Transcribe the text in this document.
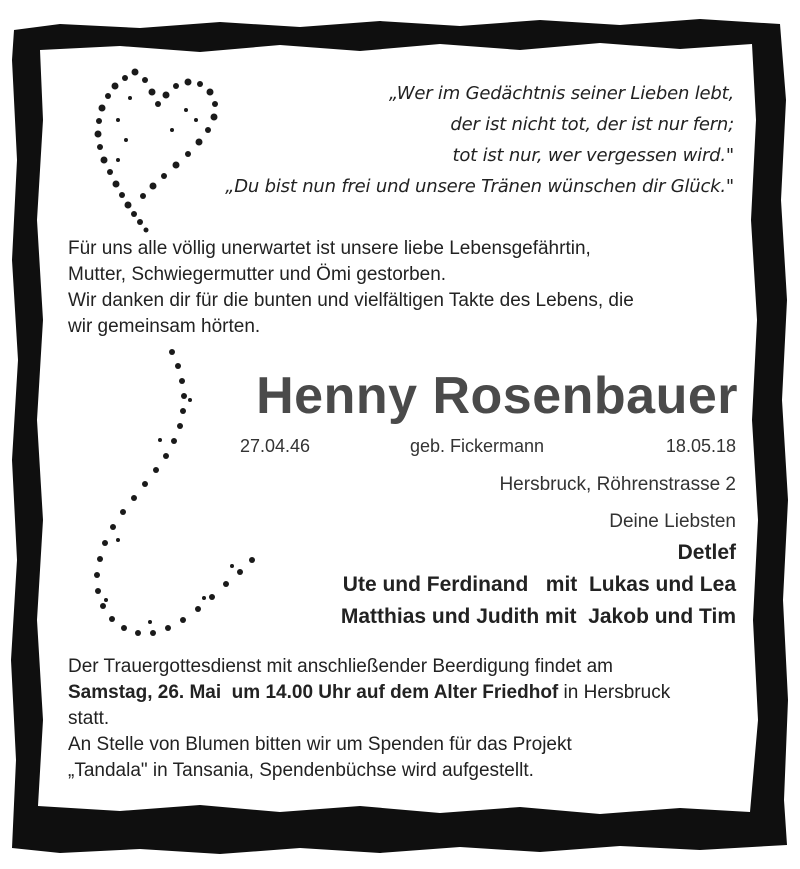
„Wer im Gedächtnis seiner Lieben lebt,
der ist nicht tot, der ist nur fern;
tot ist nur, wer vergessen wird."
„Du bist nun frei und unsere Tränen wünschen dir Glück."
Für uns alle völlig unerwartet ist unsere liebe Lebensgefährtin,
Mutter, Schwiegermutter und Ömi gestorben.
Wir danken dir für die bunten und vielfältigen Takte des Lebens, die
wir gemeinsam hörten.
Henny Rosenbauer
27.04.46	geb. Fickermann	18.05.18
Hersbruck, Röhrenstrasse 2
Deine Liebsten
Detlef
Ute und Ferdinand   mit  Lukas und Lea
Matthias und Judith mit  Jakob und Tim
Der Trauergottesdienst mit anschließender Beerdigung findet am
Samstag, 26. Mai  um 14.00 Uhr auf dem Alter Friedhof in Hersbruck
statt.
An Stelle von Blumen bitten wir um Spenden für das Projekt
„Tandala" in Tansania, Spendenbüchse wird aufgestellt.
